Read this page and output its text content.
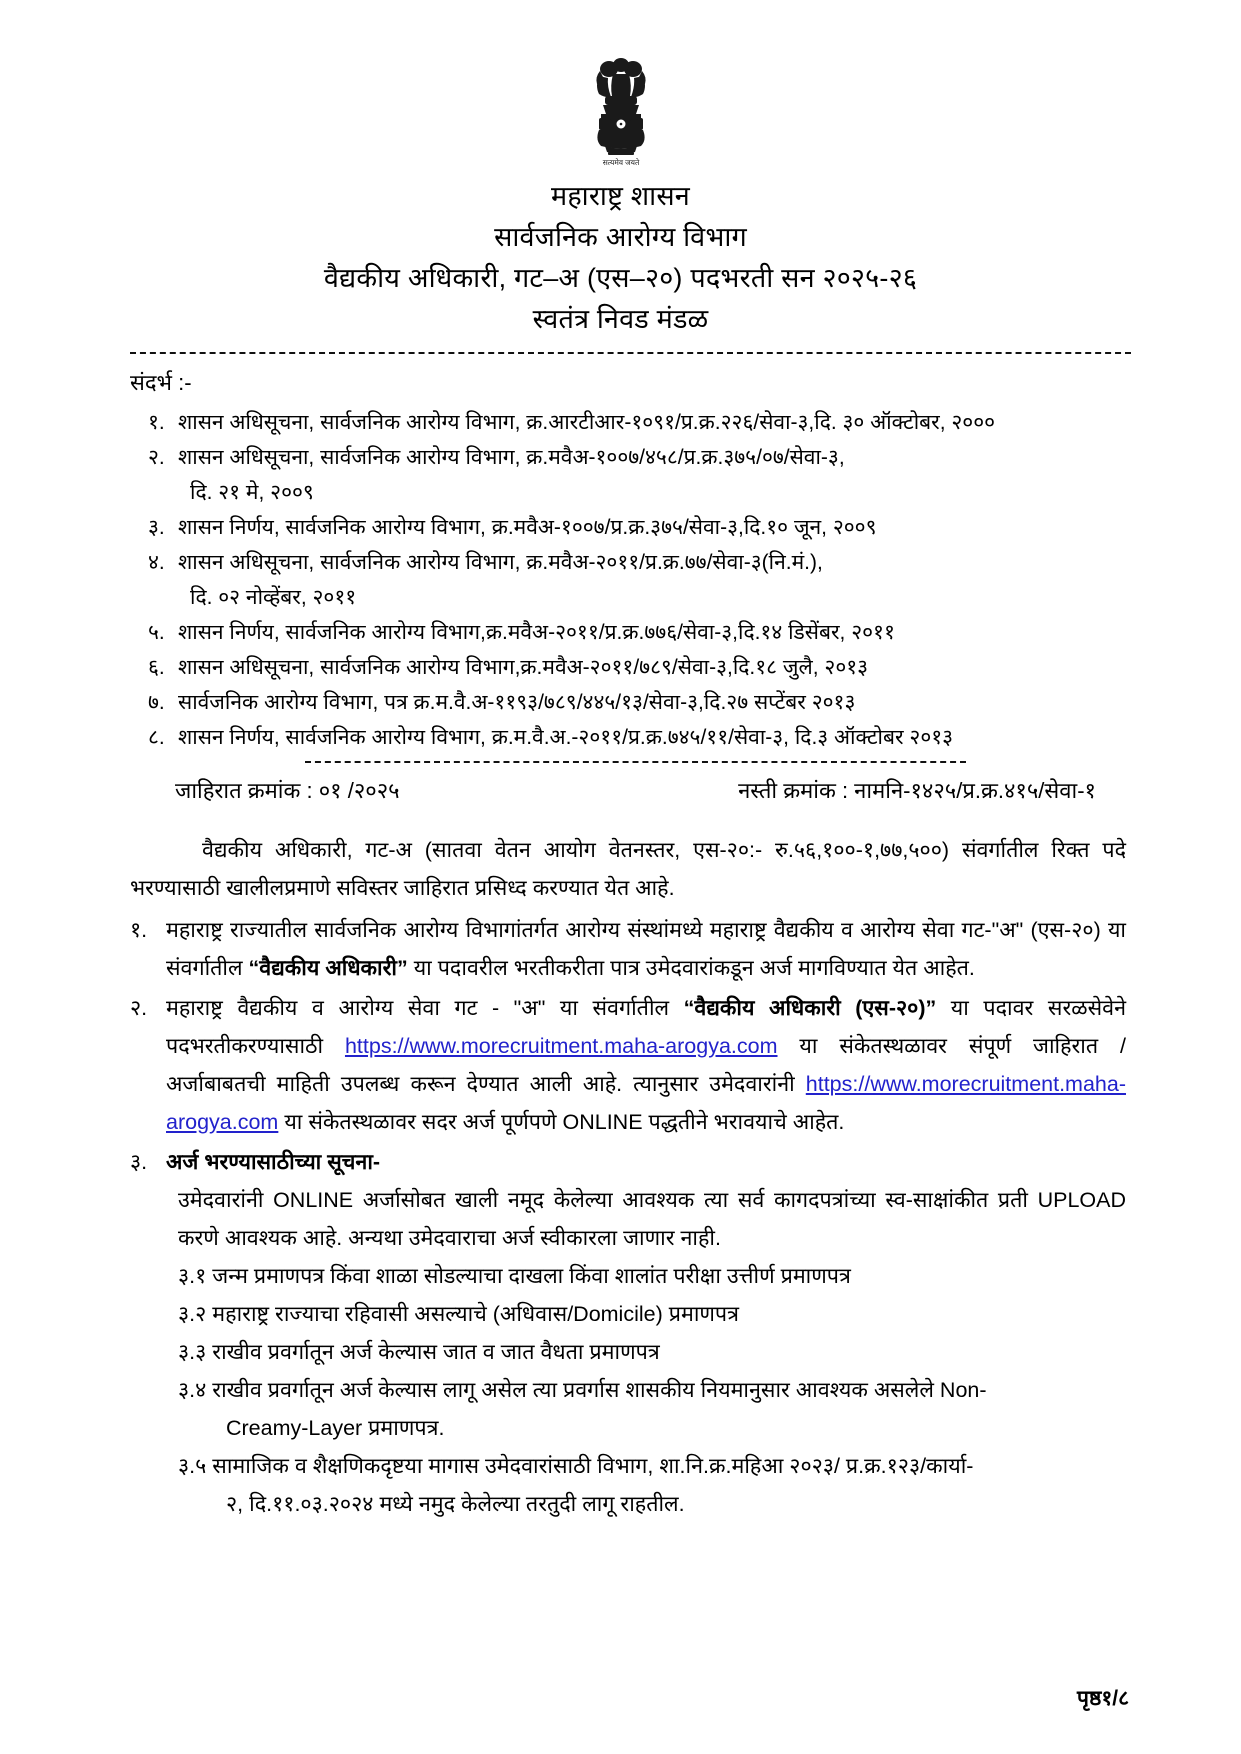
सत्यमेव जयते
महाराष्ट्र शासन
सार्वजनिक आरोग्य विभाग
वैद्यकीय अधिकारी, गट–अ (एस–२०) पदभरती सन २०२५-२६
स्वतंत्र निवड मंडळ
संदर्भ :-
१. शासन अधिसूचना, सार्वजनिक आरोग्य विभाग, क्र.आरटीआर-१०९१/प्र.क्र.२२६/सेवा-३,दि. ३० ऑक्टोबर, २०००
२. शासन अधिसूचना, सार्वजनिक आरोग्य विभाग, क्र.मवैअ-१००७/४५८/प्र.क्र.३७५/०७/सेवा-३,
दि. २१ मे, २००९
३. शासन निर्णय, सार्वजनिक आरोग्य विभाग, क्र.मवैअ-१००७/प्र.क्र.३७५/सेवा-३,दि.१० जून, २००९
४. शासन अधिसूचना, सार्वजनिक आरोग्य विभाग, क्र.मवैअ-२०११/प्र.क्र.७७/सेवा-३(नि.मं.),
दि. ०२ नोव्हेंबर, २०११
५. शासन निर्णय, सार्वजनिक आरोग्य विभाग,क्र.मवैअ-२०११/प्र.क्र.७७६/सेवा-३,दि.१४ डिसेंबर, २०११
६. शासन अधिसूचना, सार्वजनिक आरोग्य विभाग,क्र.मवैअ-२०११/७८९/सेवा-३,दि.१८ जुलै, २०१३
७. सार्वजनिक आरोग्य विभाग, पत्र क्र.म.वै.अ-११९३/७८९/४४५/१३/सेवा-३,दि.२७ सप्टेंबर २०१३
८. शासन निर्णय, सार्वजनिक आरोग्य विभाग, क्र.म.वै.अ.-२०११/प्र.क्र.७४५/११/सेवा-३, दि.३ ऑक्टोबर २०१३
जाहिरात क्रमांक : ०१ /२०२५	नस्ती क्रमांक : नामनि-१४२५/प्र.क्र.४१५/सेवा-१
वैद्यकीय अधिकारी, गट-अ (सातवा वेतन आयोग वेतनस्तर, एस-२०:- रु.५६,१००-१,७७,५००) संवर्गातील रिक्त पदे भरण्यासाठी खालीलप्रमाणे सविस्तर जाहिरात प्रसिध्द करण्यात येत आहे.
१. महाराष्ट्र राज्यातील सार्वजनिक आरोग्य विभागांतर्गत आरोग्य संस्थांमध्ये महाराष्ट्र वैद्यकीय व आरोग्य सेवा गट-"अ" (एस-२०) या संवर्गातील “वैद्यकीय अधिकारी” या पदावरील भरतीकरीता पात्र उमेदवारांकडून अर्ज मागविण्यात येत आहेत.
२. महाराष्ट्र वैद्यकीय व आरोग्य सेवा गट - "अ" या संवर्गातील “वैद्यकीय अधिकारी (एस-२०)” या पदावर सरळसेवेने पदभरतीकरण्यासाठी https://www.morecruitment.maha-arogya.com या संकेतस्थळावर संपूर्ण जाहिरात /अर्जाबाबतची माहिती उपलब्ध करून देण्यात आली आहे. त्यानुसार उमेदवारांनी https://www.morecruitment.maha-arogya.com या संकेतस्थळावर सदर अर्ज पूर्णपणे ONLINE पद्धतीने भरावयाचे आहेत.
३. अर्ज भरण्यासाठीच्या सूचना-
उमेदवारांनी ONLINE अर्जासोबत खाली नमूद केलेल्या आवश्यक त्या सर्व कागदपत्रांच्या स्व-साक्षांकीत प्रती UPLOAD करणे आवश्यक आहे. अन्यथा उमेदवाराचा अर्ज स्वीकारला जाणार नाही.
३.१ जन्म प्रमाणपत्र किंवा शाळा सोडल्याचा दाखला किंवा शालांत परीक्षा उत्तीर्ण प्रमाणपत्र
३.२ महाराष्ट्र राज्याचा रहिवासी असल्याचे (अधिवास/Domicile) प्रमाणपत्र
३.३ राखीव प्रवर्गातून अर्ज केल्यास जात व जात वैधता प्रमाणपत्र
३.४ राखीव प्रवर्गातून अर्ज केल्यास लागू असेल त्या प्रवर्गास शासकीय नियमानुसार आवश्यक असलेले Non-
Creamy-Layer प्रमाणपत्र.
३.५ सामाजिक व शैक्षणिकदृष्टया मागास उमेदवारांसाठी विभाग, शा.नि.क्र.महिआ २०२३/ प्र.क्र.१२३/कार्या-
२, दि.११.०३.२०२४ मध्ये नमुद केलेल्या तरतुदी लागू राहतील.
पृष्ठ१/८
